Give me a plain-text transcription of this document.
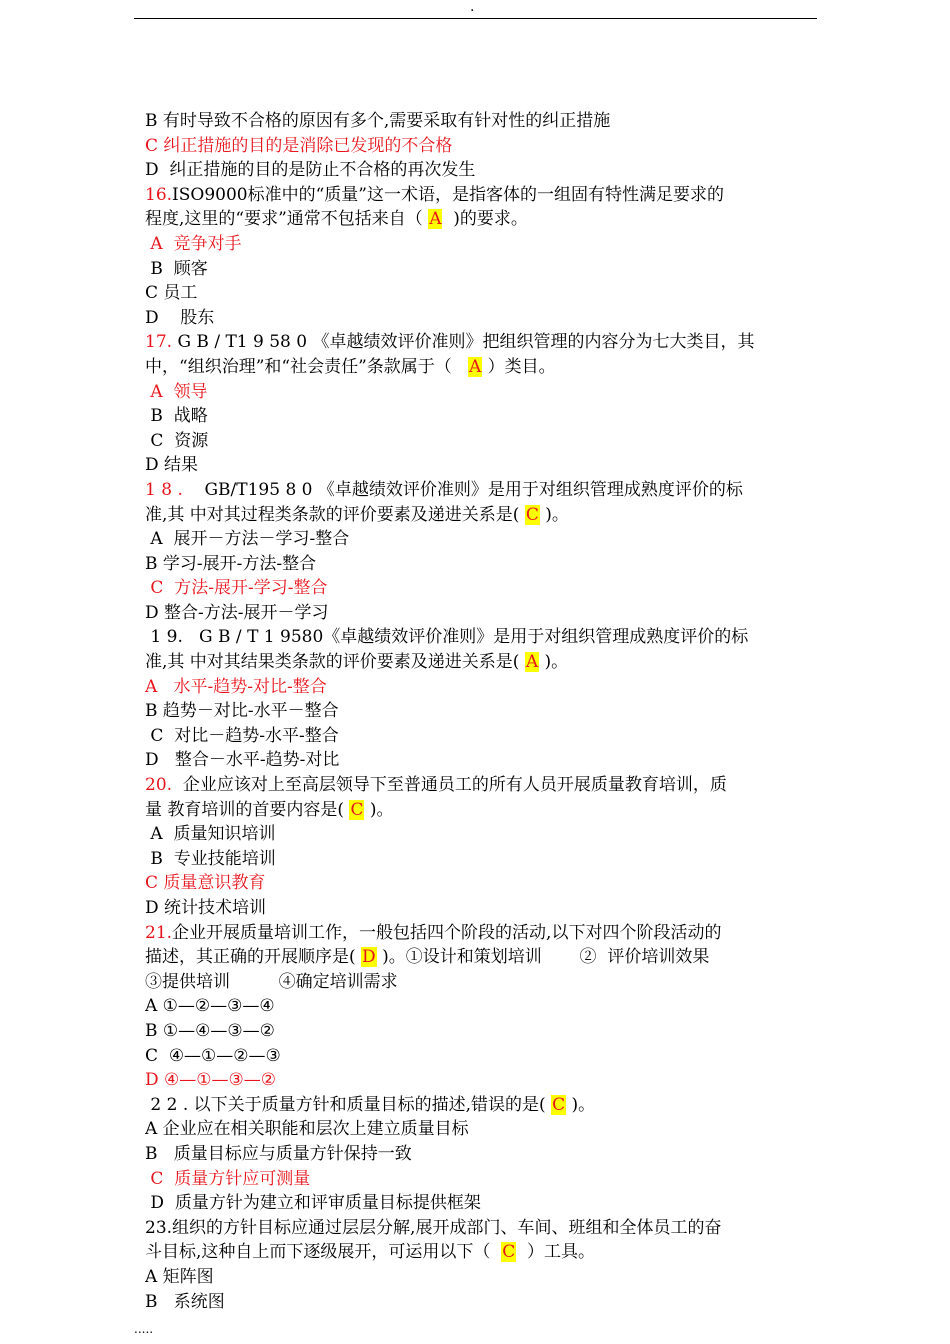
.
B 有时导致不合格的原因有多个,需要采取有针对性的纠正措施
C 纠正措施的目的是消除已发现的不合格
D  纠正措施的目的是防止不合格的再次发生
16.ISO9000标准中的“质量”这一术语，是指客体的一组固有特性满足要求的
程度,这里的“要求”通常不包括来自（ A  )的要求。
A  竞争对手
B  顾客
C 员工
D    股东
17. G B / T1 9 58 0 《卓越绩效评价准则》把组织管理的内容分为七大类目，其
中，“组织治理”和“社会责任”条款属于（   A ）类目。
A  领导
B  战略
C  资源
D 结果
1 8 .    GB/T195 8 0 《卓越绩效评价准则》是用于对组织管理成熟度评价的标
准,其 中对其过程类条款的评价要素及递进关系是( C )。
A  展开－方法－学习-整合
B 学习-展开-方法-整合
C  方法-展开-学习-整合
D 整合-方法-展开－学习
1 9.   G B / T 1 9580《卓越绩效评价准则》是用于对组织管理成熟度评价的标
准,其 中对其结果类条款的评价要素及递进关系是( A )。
A   水平-趋势-对比-整合
B 趋势－对比-水平－整合
C  对比－趋势-水平-整合
D   整合－水平-趋势-对比
20.  企业应该对上至高层领导下至普通员工的所有人员开展质量教育培训，质
量 教育培训的首要内容是( C )。
A  质量知识培训
B  专业技能培训
C 质量意识教育
D 统计技术培训
21.企业开展质量培训工作，一般包括四个阶段的活动,以下对四个阶段活动的
描述，其正确的开展顺序是( D )。①设计和策划培训       ②  评价培训效果
③提供培训         ④确定培训需求
A ①—②—③—④
B ①—④—③—②
C  ④—①—②—③
D ④—①—③—②
2 2 . 以下关于质量方针和质量目标的描述,错误的是( C )。
A 企业应在相关职能和层次上建立质量目标
B   质量目标应与质量方针保持一致
C  质量方针应可测量
D  质量方针为建立和评审质量目标提供框架
23.组织的方针目标应通过层层分解,展开成部门、车间、班组和全体员工的奋
斗目标,这种自上而下逐级展开，可运用以下（  C  ）工具。
A 矩阵图
B   系统图
.....
